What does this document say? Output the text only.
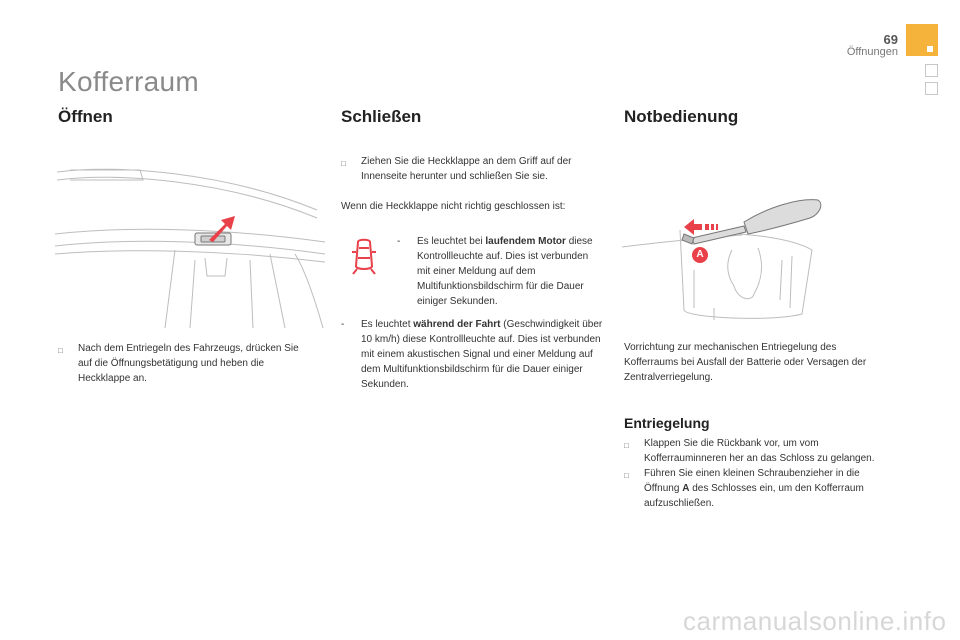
69
Öffnungen
Kofferraum
Öffnen
□	Nach dem Entriegeln des Fahrzeugs, drücken Sie auf die Öffnungsbetätigung und heben die Heckklappe an.
Schließen
□	Ziehen Sie die Heckklappe an dem Griff auf der Innenseite herunter und schließen Sie sie.
Wenn die Heckklappe nicht richtig geschlossen ist:
-	Es leuchtet bei laufendem Motor diese Kontrollleuchte auf. Dies ist verbunden mit einer Meldung auf dem Multifunktionsbildschirm für die Dauer einiger Sekunden.
-	Es leuchtet während der Fahrt (Geschwindigkeit über 10 km/h) diese Kontrollleuchte auf. Dies ist verbunden mit einem akustischen Signal und einer Meldung auf dem Multifunktionsbildschirm für die Dauer einiger Sekunden.
Notbedienung
A
Vorrichtung zur mechanischen Entriegelung des Kofferraums bei Ausfall der Batterie oder Versagen der Zentralverriegelung.
Entriegelung
□	Klappen Sie die Rückbank vor, um vom Kofferrauminneren her an das Schloss zu gelangen.
□	Führen Sie einen kleinen Schraubenzieher in die Öffnung A des Schlosses ein, um den Kofferraum aufzuschließen.
carmanualsonline.info
